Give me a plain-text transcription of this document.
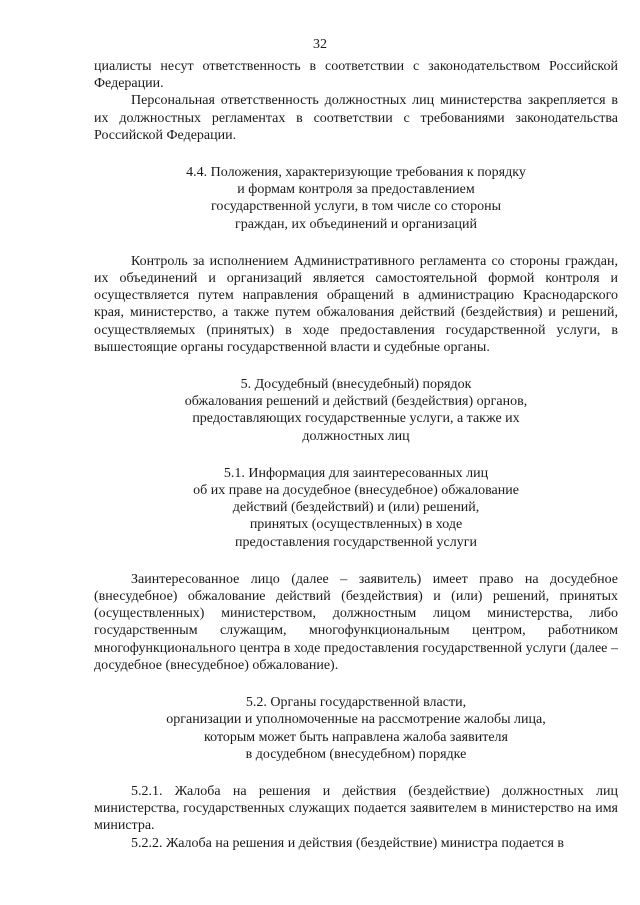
32

циалисты несут ответственность в соответствии с законодательством Российской Федерации.

Персональная ответственность должностных лиц министерства закрепляется в их должностных регламентах в соответствии с требованиями законодательства Российской Федерации.

4.4. Положения, характеризующие требования к порядку
и формам контроля за предоставлением
государственной услуги, в том числе со стороны
граждан, их объединений и организаций

Контроль за исполнением Административного регламента со стороны граждан, их объединений и организаций является самостоятельной формой контроля и осуществляется путем направления обращений в администрацию Краснодарского края, министерство, а также путем обжалования действий (бездействия) и решений, осуществляемых (принятых) в ходе предоставления государственной услуги, в вышестоящие органы государственной власти и судебные органы.

5. Досудебный (внесудебный) порядок
обжалования решений и действий (бездействия) органов,
предоставляющих государственные услуги, а также их
должностных лиц
5.1. Информация для заинтересованных лиц
об их праве на досудебное (внесудебное) обжалование
действий (бездействий) и (или) решений,
принятых (осуществленных) в ходе
предоставления государственной услуги

Заинтересованное лицо (далее – заявитель) имеет право на досудебное (внесудебное) обжалование действий (бездействия) и (или) решений, принятых (осуществленных) министерством, должностным лицом министерства, либо государственным служащим, многофункциональным центром, работником многофункционального центра в ходе предоставления государственной услуги (далее – досудебное (внесудебное) обжалование).

5.2. Органы государственной власти,
организации и уполномоченные на рассмотрение жалобы лица,
которым может быть направлена жалоба заявителя
в досудебном (внесудебном) порядке

5.2.1. Жалоба на решения и действия (бездействие) должностных лиц министерства, государственных служащих подается заявителем в министерство на имя министра.

5.2.2. Жалоба на решения и действия (бездействие) министра подается в
